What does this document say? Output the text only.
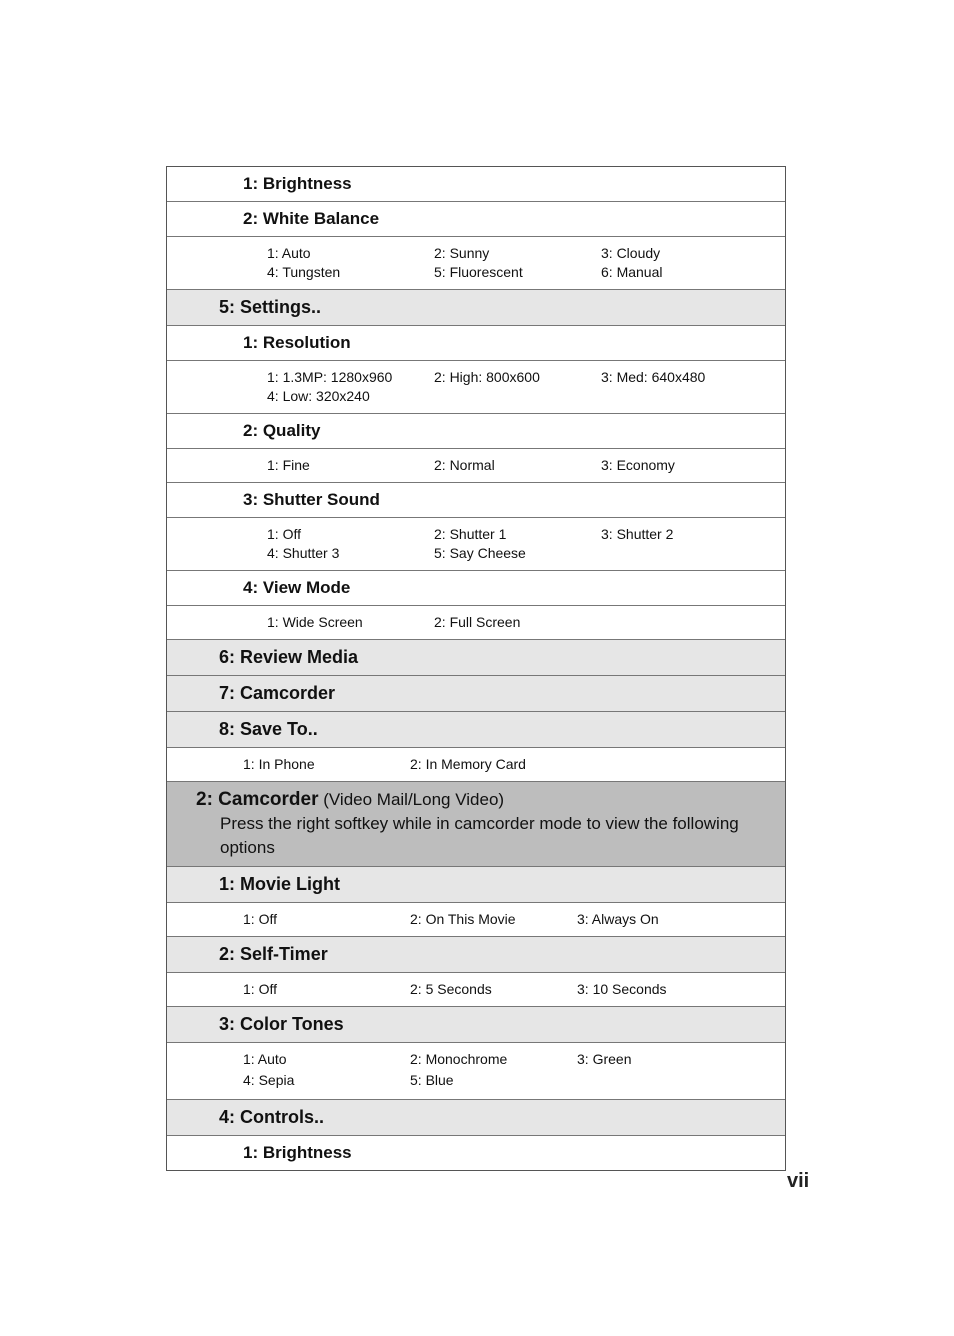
1: Brightness
2: White Balance
1: Auto	2: Sunny	3: Cloudy
4: Tungsten	5: Fluorescent	6: Manual
5: Settings..
1: Resolution
1: 1.3MP: 1280x960	2: High: 800x600	3: Med: 640x480
4: Low: 320x240
2: Quality
1: Fine	2: Normal	3: Economy
3: Shutter Sound
1: Off	2: Shutter 1	3: Shutter 2
4: Shutter 3	5: Say Cheese
4: View Mode
1: Wide Screen	2: Full Screen
6: Review Media
7: Camcorder
8: Save To..
1: In Phone	2: In Memory Card
2: Camcorder (Video Mail/Long Video)
Press the right softkey while in camcorder mode to view the following options
1: Movie Light
1: Off	2: On This Movie	3: Always On
2: Self-Timer
1: Off	2: 5 Seconds	3: 10 Seconds
3: Color Tones
1: Auto	2: Monochrome	3: Green
4: Sepia	5: Blue
4: Controls..
1: Brightness
vii
